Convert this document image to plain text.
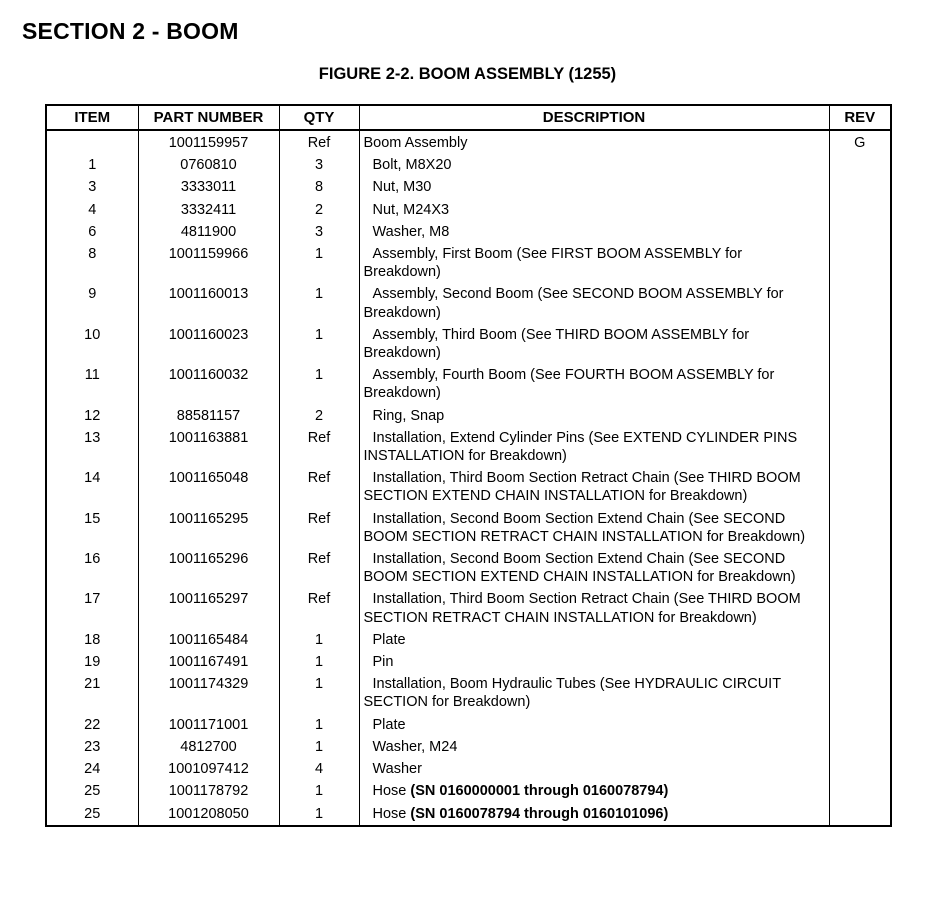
SECTION 2 - BOOM
FIGURE 2-2. BOOM ASSEMBLY (1255)
ITEM	PART NUMBER	QTY	DESCRIPTION	REV
	1001159957	Ref	Boom Assembly	G
1	0760810	3	Bolt, M8X20	
3	3333011	8	Nut, M30	
4	3332411	2	Nut, M24X3	
6	4811900	3	Washer, M8	
8	1001159966	1	Assembly, First Boom (See FIRST BOOM ASSEMBLY for Breakdown)	
9	1001160013	1	Assembly, Second Boom (See SECOND BOOM ASSEMBLY for Breakdown)	
10	1001160023	1	Assembly, Third Boom (See THIRD BOOM ASSEMBLY for Breakdown)	
11	1001160032	1	Assembly, Fourth Boom (See FOURTH BOOM ASSEMBLY for Breakdown)	
12	88581157	2	Ring, Snap	
13	1001163881	Ref	Installation, Extend Cylinder Pins (See EXTEND CYLINDER PINS INSTALLATION for Breakdown)	
14	1001165048	Ref	Installation, Third Boom Section Retract Chain (See THIRD BOOM SECTION EXTEND CHAIN INSTALLATION for Breakdown)	
15	1001165295	Ref	Installation, Second Boom Section Extend Chain (See SECOND BOOM SECTION RETRACT CHAIN INSTALLATION for Breakdown)	
16	1001165296	Ref	Installation, Second Boom Section Extend Chain (See SECOND BOOM SECTION EXTEND CHAIN INSTALLATION for Breakdown)	
17	1001165297	Ref	Installation, Third Boom Section Retract Chain (See THIRD BOOM SECTION RETRACT CHAIN INSTALLATION for Breakdown)	
18	1001165484	1	Plate	
19	1001167491	1	Pin	
21	1001174329	1	Installation, Boom Hydraulic Tubes (See HYDRAULIC CIRCUIT SECTION for Breakdown)	
22	1001171001	1	Plate	
23	4812700	1	Washer, M24	
24	1001097412	4	Washer	
25	1001178792	1	Hose (SN 0160000001 through 0160078794)	
25	1001208050	1	Hose (SN 0160078794 through 0160101096)	
